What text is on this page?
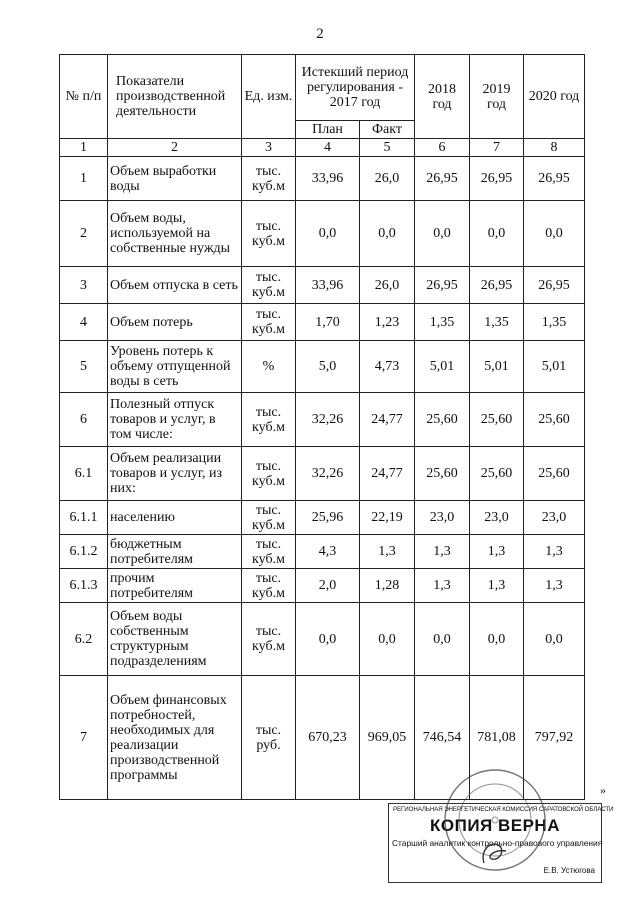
2
№ п/п	Показатели производственной деятельности	Ед. изм.	Истекший период регулирования - 2017 год		2018 год	2019 год	2020 год
			План	Факт			
1	2	3	4	5	6	7	8
1	Объем выработки воды	тыс. куб.м	33,96	26,0	26,95	26,95	26,95
2	Объем воды, используемой на собственные нужды	тыс. куб.м	0,0	0,0	0,0	0,0	0,0
3	Объем отпуска в сеть	тыс. куб.м	33,96	26,0	26,95	26,95	26,95
4	Объем потерь	тыс. куб.м	1,70	1,23	1,35	1,35	1,35
5	Уровень потерь к объему отпущенной воды в сеть	%	5,0	4,73	5,01	5,01	5,01
6	Полезный отпуск товаров и услуг, в том числе:	тыс. куб.м	32,26	24,77	25,60	25,60	25,60
6.1	Объем реализации товаров и услуг, из них:	тыс. куб.м	32,26	24,77	25,60	25,60	25,60
6.1.1	населению	тыс. куб.м	25,96	22,19	23,0	23,0	23,0
6.1.2	бюджетным потребителям	тыс. куб.м	4,3	1,3	1,3	1,3	1,3
6.1.3	прочим потребителям	тыс. куб.м	2,0	1,28	1,3	1,3	1,3
6.2	Объем воды собственным структурным подразделениям	тыс. куб.м	0,0	0,0	0,0	0,0	0,0
7	Объем финансовых потребностей, необходимых для реализации производственной программы	тыс. руб.	670,23	969,05	746,54	781,08	797,92
»
РЕГИОНАЛЬНАЯ ЭНЕРГЕТИЧЕСКАЯ КОМИССИЯ САРАТОВСКОЙ ОБЛАСТИ
КОПИЯ ВЕРНА
Старший аналитик контрольно-правового управления
Е.В. Устюгова
